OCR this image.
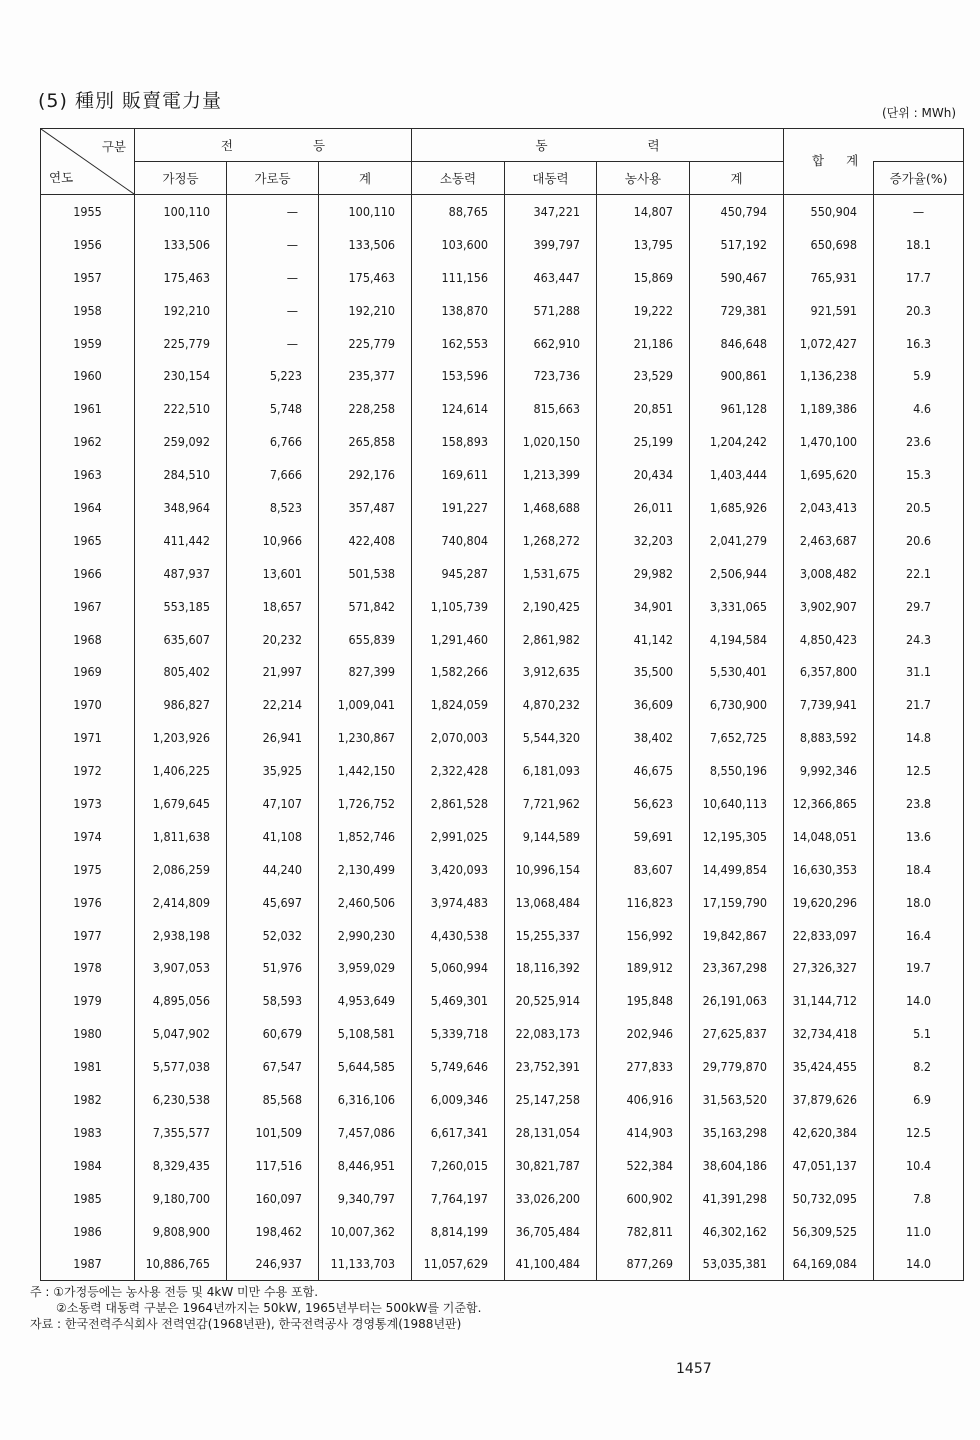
(5) 種別 販賣電力量
(단위 : MWh)
구분
연도	전 등			동 력				합 계	

	가정등	가로등	계	소동력	대동력	농사용	계		증가율(%)
1955	100,110	—	100,110	88,765	347,221	14,807	450,794	550,904	—
1956	133,506	—	133,506	103,600	399,797	13,795	517,192	650,698	18.1
1957	175,463	—	175,463	111,156	463,447	15,869	590,467	765,931	17.7
1958	192,210	—	192,210	138,870	571,288	19,222	729,381	921,591	20.3
1959	225,779	—	225,779	162,553	662,910	21,186	846,648	1,072,427	16.3
1960	230,154	5,223	235,377	153,596	723,736	23,529	900,861	1,136,238	5.9
1961	222,510	5,748	228,258	124,614	815,663	20,851	961,128	1,189,386	4.6
1962	259,092	6,766	265,858	158,893	1,020,150	25,199	1,204,242	1,470,100	23.6
1963	284,510	7,666	292,176	169,611	1,213,399	20,434	1,403,444	1,695,620	15.3
1964	348,964	8,523	357,487	191,227	1,468,688	26,011	1,685,926	2,043,413	20.5
1965	411,442	10,966	422,408	740,804	1,268,272	32,203	2,041,279	2,463,687	20.6
1966	487,937	13,601	501,538	945,287	1,531,675	29,982	2,506,944	3,008,482	22.1
1967	553,185	18,657	571,842	1,105,739	2,190,425	34,901	3,331,065	3,902,907	29.7
1968	635,607	20,232	655,839	1,291,460	2,861,982	41,142	4,194,584	4,850,423	24.3
1969	805,402	21,997	827,399	1,582,266	3,912,635	35,500	5,530,401	6,357,800	31.1
1970	986,827	22,214	1,009,041	1,824,059	4,870,232	36,609	6,730,900	7,739,941	21.7
1971	1,203,926	26,941	1,230,867	2,070,003	5,544,320	38,402	7,652,725	8,883,592	14.8
1972	1,406,225	35,925	1,442,150	2,322,428	6,181,093	46,675	8,550,196	9,992,346	12.5
1973	1,679,645	47,107	1,726,752	2,861,528	7,721,962	56,623	10,640,113	12,366,865	23.8
1974	1,811,638	41,108	1,852,746	2,991,025	9,144,589	59,691	12,195,305	14,048,051	13.6
1975	2,086,259	44,240	2,130,499	3,420,093	10,996,154	83,607	14,499,854	16,630,353	18.4
1976	2,414,809	45,697	2,460,506	3,974,483	13,068,484	116,823	17,159,790	19,620,296	18.0
1977	2,938,198	52,032	2,990,230	4,430,538	15,255,337	156,992	19,842,867	22,833,097	16.4
1978	3,907,053	51,976	3,959,029	5,060,994	18,116,392	189,912	23,367,298	27,326,327	19.7
1979	4,895,056	58,593	4,953,649	5,469,301	20,525,914	195,848	26,191,063	31,144,712	14.0
1980	5,047,902	60,679	5,108,581	5,339,718	22,083,173	202,946	27,625,837	32,734,418	5.1
1981	5,577,038	67,547	5,644,585	5,749,646	23,752,391	277,833	29,779,870	35,424,455	8.2
1982	6,230,538	85,568	6,316,106	6,009,346	25,147,258	406,916	31,563,520	37,879,626	6.9
1983	7,355,577	101,509	7,457,086	6,617,341	28,131,054	414,903	35,163,298	42,620,384	12.5
1984	8,329,435	117,516	8,446,951	7,260,015	30,821,787	522,384	38,604,186	47,051,137	10.4
1985	9,180,700	160,097	9,340,797	7,764,197	33,026,200	600,902	41,391,298	50,732,095	7.8
1986	9,808,900	198,462	10,007,362	8,814,199	36,705,484	782,811	46,302,162	56,309,525	11.0
1987	10,886,765	246,937	11,133,703	11,057,629	41,100,484	877,269	53,035,381	64,169,084	14.0
주 : ①가정등에는 농사용 전등 및 4kW 미만 수용 포함.
②소동력 대동력 구분은 1964년까지는 50kW, 1965년부터는 500kW를 기준함.
자료 : 한국전력주식회사 전력연감(1968년판), 한국전력공사 경영통계(1988년판)
1457
